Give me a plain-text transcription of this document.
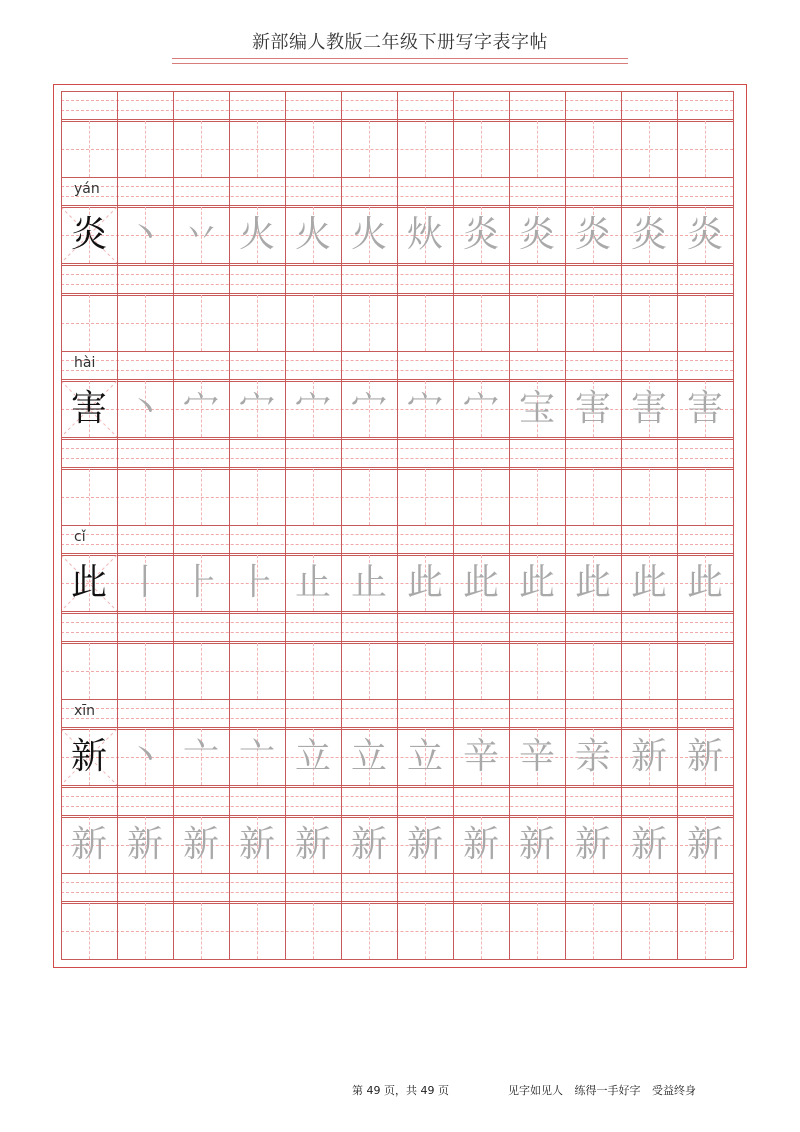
新部编人教版二年级下册写字表字帖
yán
炎 丶 丷 火 火 火 炏 炎 炎 炎 炎 炎
hài
害 丶 宀 宀 宀 宀 宀 宀 宝 害 害 害
cǐ
此 丨 ⺊ ⺊ 止 止 此 此 此 此 此 此
xīn
新 丶 亠 亠 立 立 立 辛 辛 亲 新 新
新 新 新 新 新 新 新 新 新 新 新 新
第 49 页，共 49 页	见字如见人 练得一手好字 受益终身
